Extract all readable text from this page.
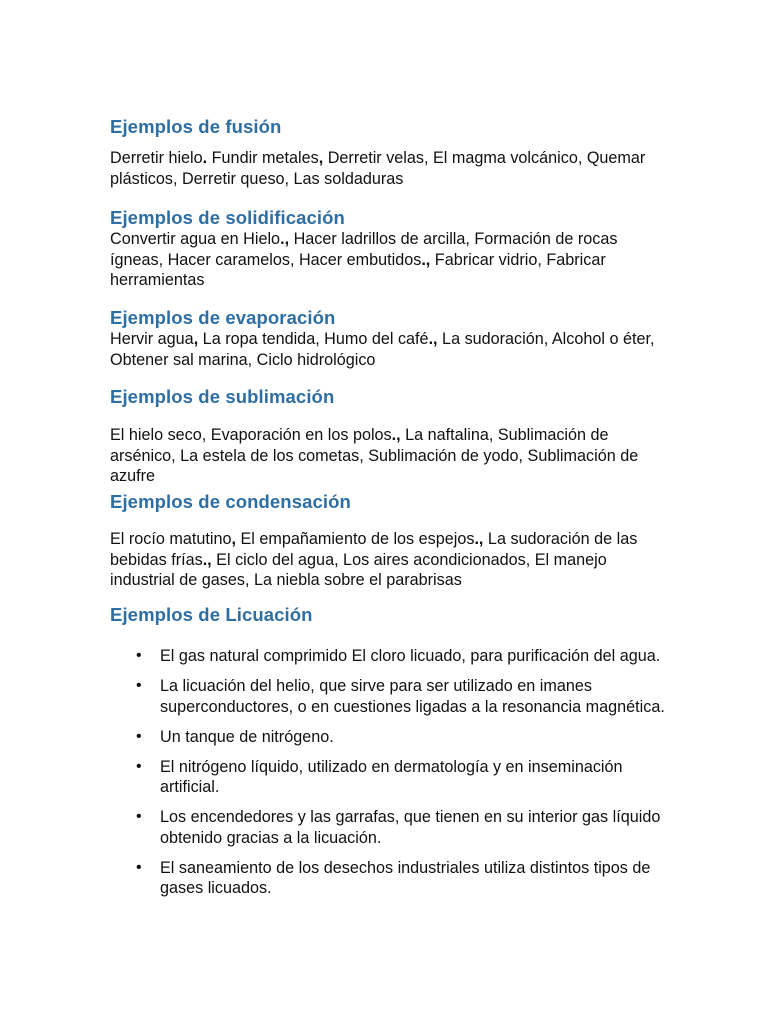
Ejemplos de fusión

Derretir hielo. Fundir metales, Derretir velas, El magma volcánico, Quemar plásticos, Derretir queso, Las soldaduras

Ejemplos de solidificación

Convertir agua en Hielo., Hacer ladrillos de arcilla, Formación de rocas ígneas, Hacer caramelos, Hacer embutidos., Fabricar vidrio, Fabricar herramientas

Ejemplos de evaporación

Hervir agua, La ropa tendida, Humo del café., La sudoración, Alcohol o éter, Obtener sal marina, Ciclo hidrológico

Ejemplos de sublimación

El hielo seco, Evaporación en los polos., La naftalina, Sublimación de arsénico, La estela de los cometas, Sublimación de yodo, Sublimación de azufre

Ejemplos de condensación

El rocío matutino, El empañamiento de los espejos., La sudoración de las bebidas frías., El ciclo del agua, Los aires acondicionados, El manejo industrial de gases, La niebla sobre el parabrisas

Ejemplos de Licuación
• El gas natural comprimido El cloro licuado, para purificación del agua.
• La licuación del helio, que sirve para ser utilizado en imanes superconductores, o en cuestiones ligadas a la resonancia magnética.
• Un tanque de nitrógeno.
• El nitrógeno líquido, utilizado en dermatología y en inseminación artificial.
• Los encendedores y las garrafas, que tienen en su interior gas líquido obtenido gracias a la licuación.
• El saneamiento de los desechos industriales utiliza distintos tipos de gases licuados.
